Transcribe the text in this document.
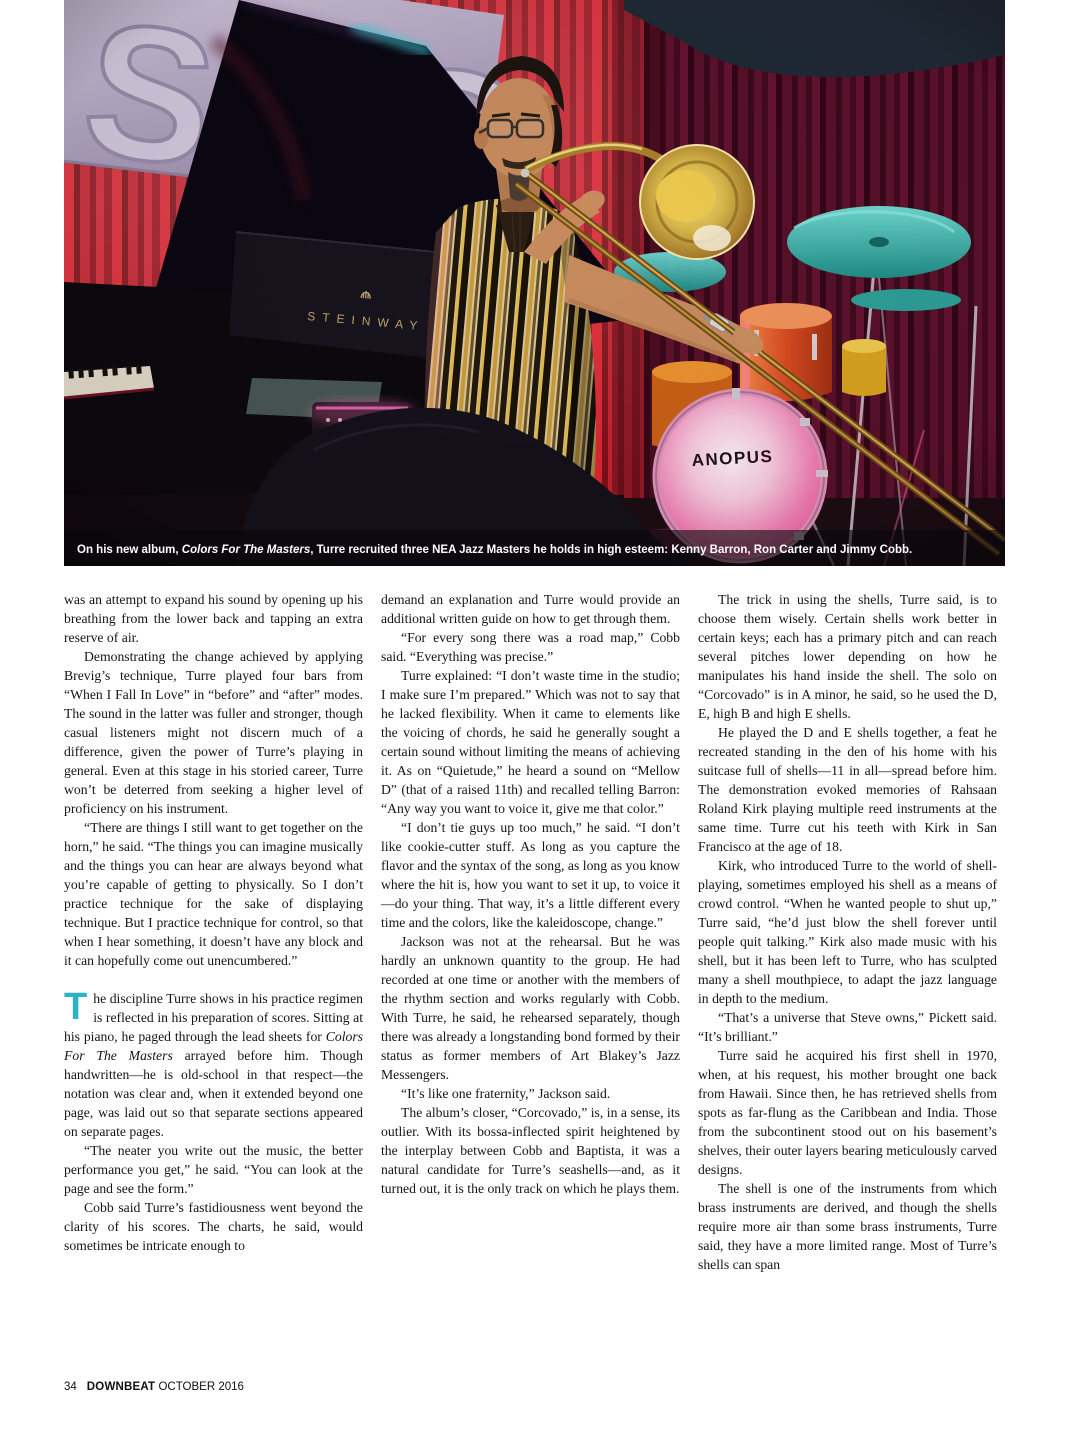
On his new album, Colors For The Masters, Turre recruited three NEA Jazz Masters he holds in high esteem: Kenny Barron, Ron Carter and Jimmy Cobb.

was an attempt to expand his sound by opening up his breathing from the lower back and tapping an extra reserve of air.

Demonstrating the change achieved by applying Brevig’s technique, Turre played four bars from “When I Fall In Love” in “before” and “after” modes. The sound in the latter was fuller and stronger, though casual listeners might not discern much of a difference, given the power of Turre’s playing in general. Even at this stage in his storied career, Turre won’t be deterred from seeking a higher level of proficiency on his instrument.

“There are things I still want to get together on the horn,” he said. “The things you can imagine musically and the things you can hear are always beyond what you’re capable of getting to physically. So I don’t practice technique for the sake of displaying technique. But I practice technique for control, so that when I hear something, it doesn’t have any block and it can hopefully come out unencumbered.”

The discipline Turre shows in his practice regimen is reflected in his preparation of scores. Sitting at his piano, he paged through the lead sheets for Colors For The Masters arrayed before him. Though handwritten—he is old-school in that respect—the notation was clear and, when it extended beyond one page, was laid out so that separate sections appeared on separate pages.

“The neater you write out the music, the better performance you get,” he said. “You can look at the page and see the form.”

Cobb said Turre’s fastidiousness went beyond the clarity of his scores. The charts, he said, would sometimes be intricate enough to

demand an explanation and Turre would provide an additional written guide on how to get through them.

“For every song there was a road map,” Cobb said. “Everything was precise.”

Turre explained: “I don’t waste time in the studio; I make sure I’m prepared.” Which was not to say that he lacked flexibility. When it came to elements like the voicing of chords, he said he generally sought a certain sound without limiting the means of achieving it. As on “Quietude,” he heard a sound on “Mellow D” (that of a raised 11th) and recalled telling Barron: “Any way you want to voice it, give me that color.”

“I don’t tie guys up too much,” he said. “I don’t like cookie-cutter stuff. As long as you capture the flavor and the syntax of the song, as long as you know where the hit is, how you want to set it up, to voice it—do your thing. That way, it’s a little different every time and the colors, like the kaleidoscope, change.”

Jackson was not at the rehearsal. But he was hardly an unknown quantity to the group. He had recorded at one time or another with the members of the rhythm section and works regularly with Cobb. With Turre, he said, he rehearsed separately, though there was already a longstanding bond formed by their status as former members of Art Blakey’s Jazz Messengers.

“It’s like one fraternity,” Jackson said.

The album’s closer, “Corcovado,” is, in a sense, its outlier. With its bossa-inflected spirit heightened by the interplay between Cobb and Baptista, it was a natural candidate for Turre’s seashells—and, as it turned out, it is the only track on which he plays them.

The trick in using the shells, Turre said, is to choose them wisely. Certain shells work better in certain keys; each has a primary pitch and can reach several pitches lower depending on how he manipulates his hand inside the shell. The solo on “Corcovado” is in A minor, he said, so he used the D, E, high B and high E shells.

He played the D and E shells together, a feat he recreated standing in the den of his home with his suitcase full of shells—11 in all—spread before him. The demonstration evoked memories of Rahsaan Roland Kirk playing multiple reed instruments at the same time. Turre cut his teeth with Kirk in San Francisco at the age of 18.

Kirk, who introduced Turre to the world of shell-playing, sometimes employed his shell as a means of crowd control. “When he wanted people to shut up,” Turre said, “he’d just blow the shell forever until people quit talking.” Kirk also made music with his shell, but it has been left to Turre, who has sculpted many a shell mouthpiece, to adapt the jazz language in depth to the medium.

“That’s a universe that Steve owns,” Pickett said. “It’s brilliant.”

Turre said he acquired his first shell in 1970, when, at his request, his mother brought one back from Hawaii. Since then, he has retrieved shells from spots as far-flung as the Caribbean and India. Those from the subcontinent stood out on his basement’s shelves, their outer layers bearing meticulously carved designs.

The shell is one of the instruments from which brass instruments are derived, and though the shells require more air than some brass instruments, Turre said, they have a more limited range. Most of Turre’s shells can span

34 DOWNBEAT OCTOBER 2016
